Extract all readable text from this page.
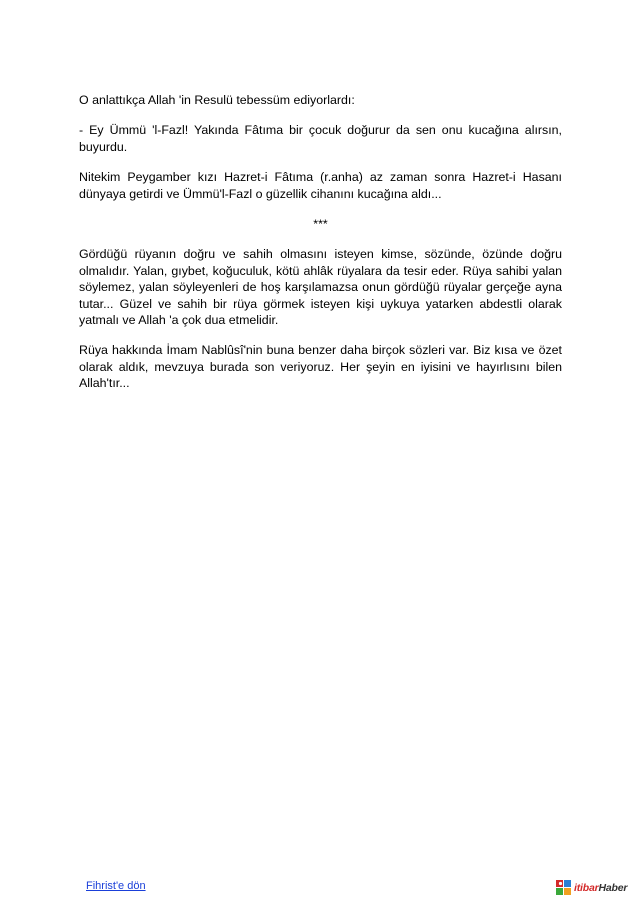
O anlattıkça Allah 'in Resulü tebessüm ediyorlardı:

- Ey Ümmü 'l-Fazl! Yakında Fâtıma bir çocuk doğurur da sen onu kucağına alırsın, buyurdu.

Nitekim Peygamber kızı Hazret-i Fâtıma (r.anha) az zaman sonra Hazret-i Hasanı dünyaya getirdi ve Ümmü'l-Fazl o güzellik cihanını kucağına aldı...

***

Gördüğü rüyanın doğru ve sahih olmasını isteyen kimse, sözünde, özünde doğru olmalıdır. Yalan, gıybet, koğuculuk, kötü ahlâk rüyalara da tesir eder. Rüya sahibi yalan söylemez, yalan söyleyenleri de hoş karşılamazsa onun gördüğü rüyalar gerçeğe ayna tutar... Güzel ve sahih bir rüya görmek isteyen kişi uykuya yatarken abdestli olarak yatmalı ve Allah 'a çok dua etmelidir.

Rüya hakkında İmam Nablûsî'nin buna benzer daha birçok sözleri var. Biz kısa ve özet olarak aldık, mevzuya burada son veriyoruz. Her şeyin en iyisini ve hayırlısını bilen Allah'tır...

Fihrist'e dön	itibarHaber
